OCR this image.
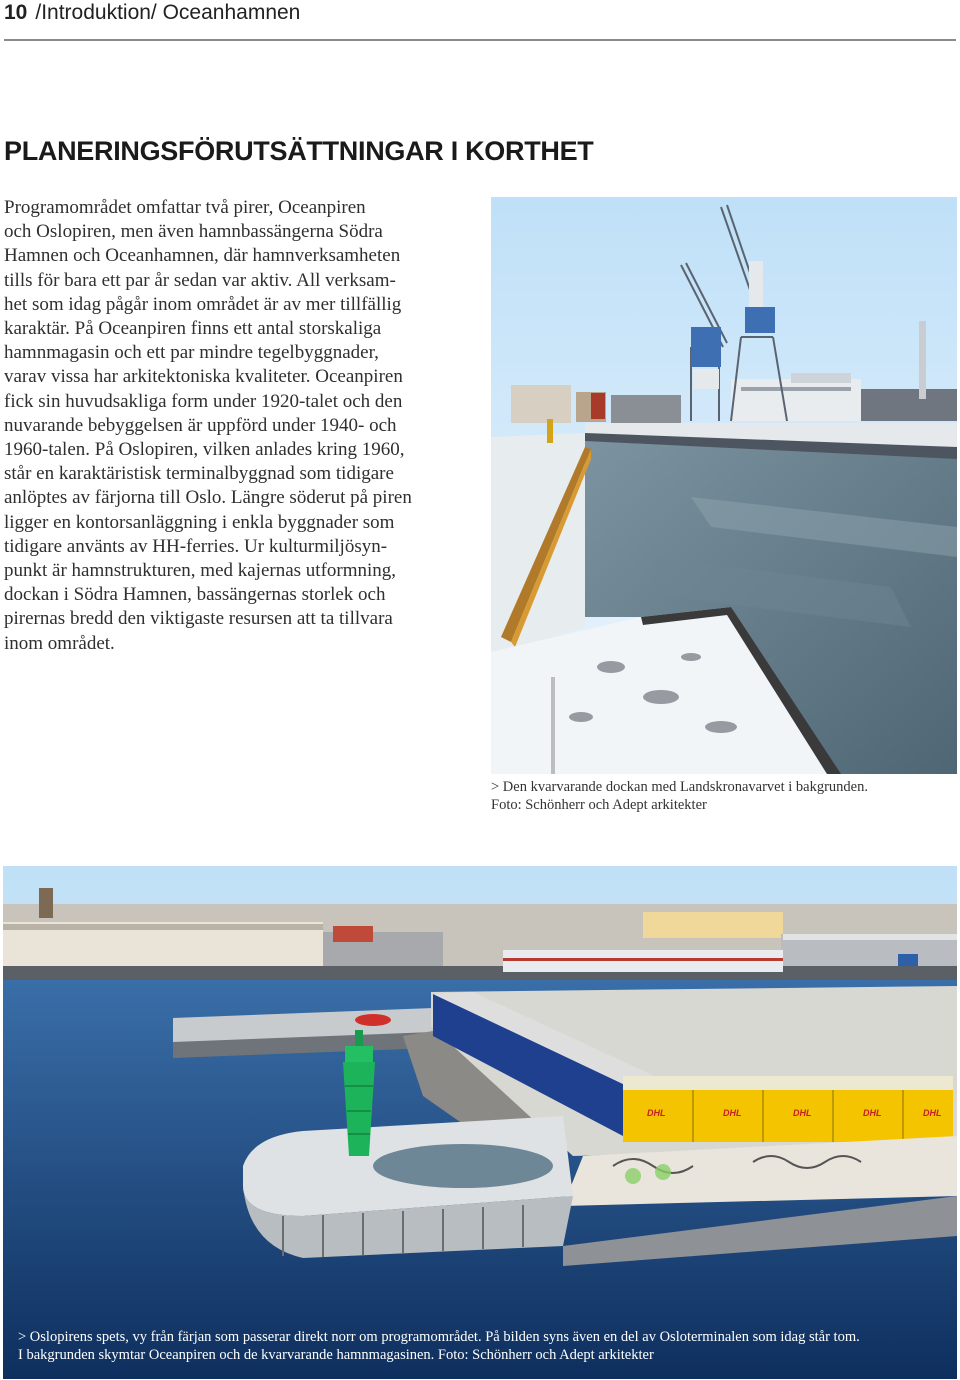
10 /Introduktion/ Oceanhamnen
PLANERINGSFÖRUTSÄTTNINGAR I KORTHET
Programområdet omfattar två pirer, Oceanpiren
och Oslopiren, men även hamnbassängerna Södra
Hamnen och Oceanhamnen, där hamnverksamheten
tills för bara ett par år sedan var aktiv. All verksam-
het som idag pågår inom området är av mer tillfällig
karaktär. På Oceanpiren finns ett antal storskaliga
hamnmagasin och ett par mindre tegelbyggnader,
varav vissa har arkitektoniska kvaliteter. Oceanpiren
fick sin huvudsakliga form under 1920-talet och den
nuvarande bebyggelsen är uppförd under 1940- och
1960-talen. På Oslopiren, vilken anlades kring 1960,
står en karaktäristisk terminalbyggnad som tidigare
anlöptes av färjorna till Oslo. Längre söderut på piren
ligger en kontorsanläggning i enkla byggnader som
tidigare använts av HH-ferries. Ur kulturmiljösyn-
punkt är hamnstrukturen, med kajernas utformning,
dockan i Södra Hamnen, bassängernas storlek och
pirernas bredd den viktigaste resursen att ta tillvara
inom området.
> Den kvarvarande dockan med Landskronavarvet i bakgrunden.
Foto: Schönherr och Adept arkitekter
DHL	DHL	DHL	DHL	DHL
> Oslopirens spets, vy från färjan som passerar direkt norr om programområdet. På bilden syns även en del av Osloterminalen som idag står tom.
I bakgrunden skymtar Oceanpiren och de kvarvarande hamnmagasinen. Foto: Schönherr och Adept arkitekter
